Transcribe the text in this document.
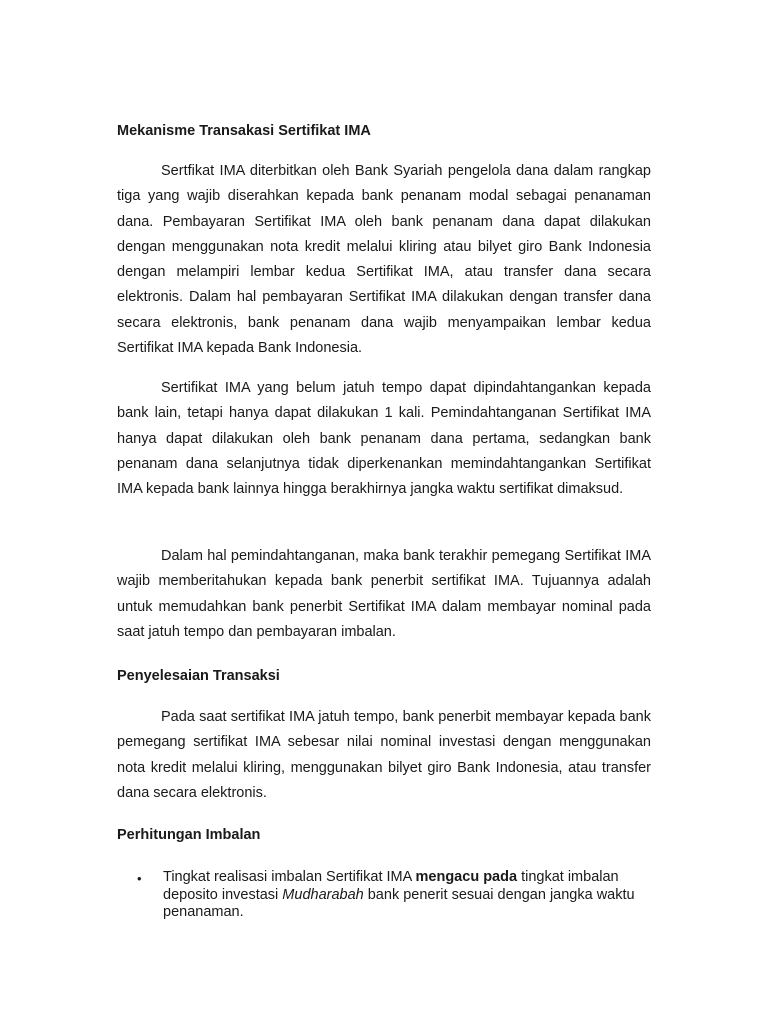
Mekanisme Transakasi Sertifikat IMA

Sertfikat IMA diterbitkan oleh Bank Syariah pengelola dana dalam rangkap tiga yang wajib diserahkan kepada bank penanam modal sebagai penanaman dana. Pembayaran Sertifikat IMA oleh bank penanam dana dapat dilakukan dengan menggunakan nota kredit melalui kliring atau bilyet giro Bank Indonesia dengan melampiri lembar kedua Sertifikat IMA, atau transfer dana secara elektronis. Dalam hal pembayaran Sertifikat IMA dilakukan dengan transfer dana secara elektronis, bank penanam dana wajib menyampaikan lembar kedua Sertifikat IMA kepada Bank Indonesia.

Sertifikat IMA yang belum jatuh tempo dapat dipindahtangankan kepada bank lain, tetapi hanya dapat dilakukan 1 kali. Pemindahtanganan Sertifikat IMA hanya dapat dilakukan oleh bank penanam dana pertama, sedangkan bank penanam dana selanjutnya tidak diperkenankan memindahtangankan Sertifikat IMA kepada bank lainnya hingga berakhirnya jangka waktu sertifikat dimaksud.

Dalam hal pemindahtanganan, maka bank terakhir pemegang Sertifikat IMA wajib memberitahukan kepada bank penerbit sertifikat IMA. Tujuannya adalah untuk memudahkan bank penerbit Sertifikat IMA dalam membayar nominal pada saat jatuh tempo dan pembayaran imbalan.

Penyelesaian Transaksi

Pada saat sertifikat IMA jatuh tempo, bank penerbit membayar kepada bank pemegang sertifikat IMA sebesar nilai nominal investasi dengan menggunakan nota kredit melalui kliring, menggunakan bilyet giro Bank Indonesia, atau transfer dana secara elektronis.

Perhitungan Imbalan
• Tingkat realisasi imbalan Sertifikat IMA mengacu pada tingkat imbalan deposito investasi Mudharabah bank penerit sesuai dengan jangka waktu penanaman.
